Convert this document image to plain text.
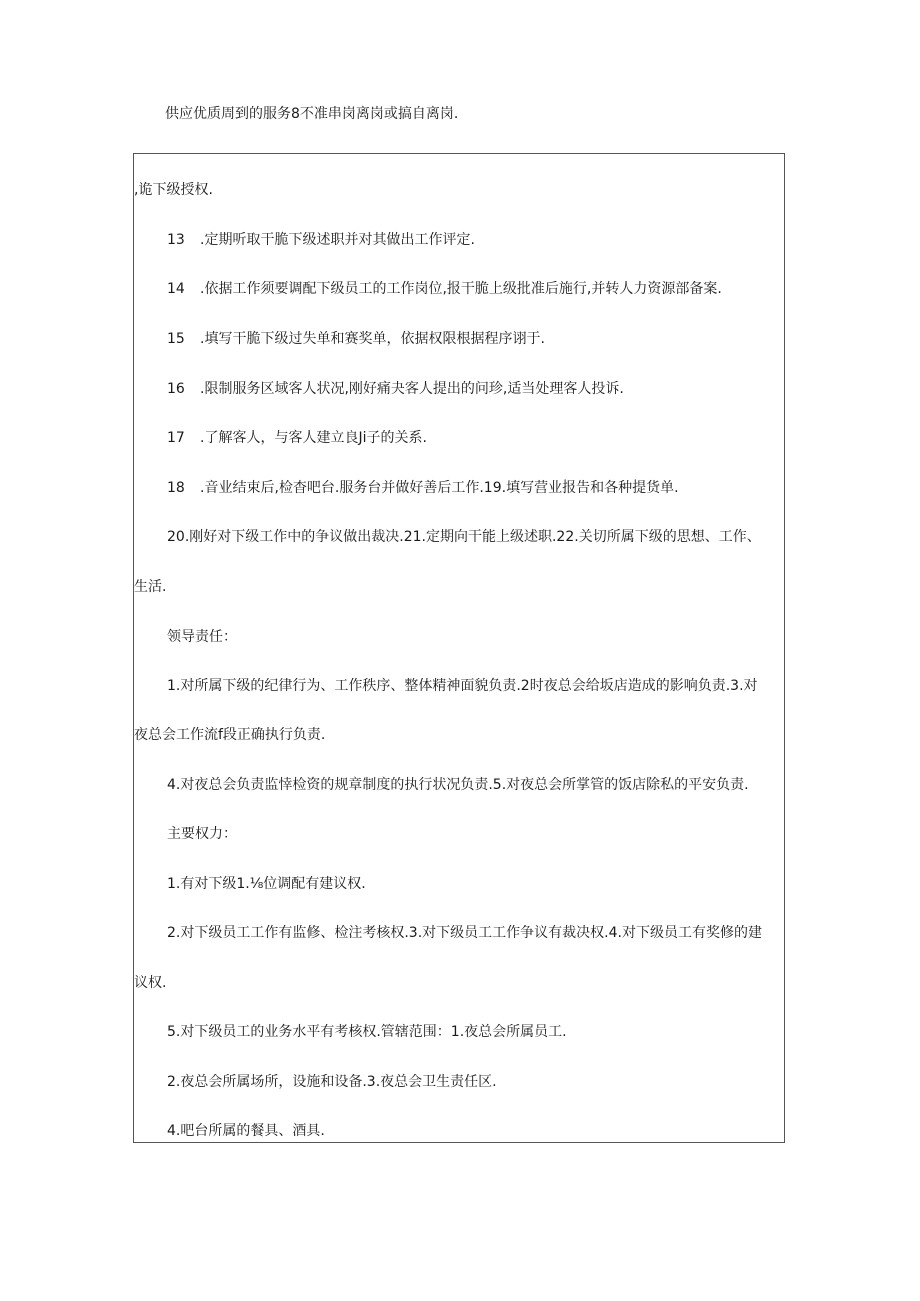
供应优质周到的服务8不准串岗离岗或搞自离岗.
,诡下级授权.
13 .定期听取干脆下级述职并对其做出工作评定.
14 .依据工作须要调配下级员工的工作岗位,报干脆上级批准后施行,并转人力资源部备案.
15 .填写干脆下级过失单和赛奖单，依据权限根据程序诩于.
16 .限制服务区域客人状况,刚好痛夬客人提出的问珍,适当处理客人投诉.
17 .了解客人，与客人建立良Ji子的关系.
18 .音业结束后,检杳吧台.服务台并做好善后工作.19.填写营业报告和各种提货单.
20.刚好对下级工作中的争议做出裁决.21.定期向干能上级述职.22.关切所属下级的思想、工作、
生活.
领导责任：
1.对所属下级的纪律行为、工作秩序、整体精神面貌负责.2时夜总会给坂店造成的影响负责.3.对
夜总会工作流f段正确执行负责.
4.对夜总会负责监悻检资的规章制度的执行状况负责.5.对夜总会所掌管的饭店除私的平安负责.
主要权力：
1.有对下级1.⅛位调配有建议权.
2.对下级员工工作有监修、检注考核权.3.对下级员工工作争议有裁决权.4.对下级员工有奖修的建
议权.
5.对下级员工的业务水平有考核权.管辖范围：1.夜总会所属员工.
2.夜总会所属场所，设施和设备.3.夜总会卫生责任区.
4.吧台所属的餐具、酒具.
